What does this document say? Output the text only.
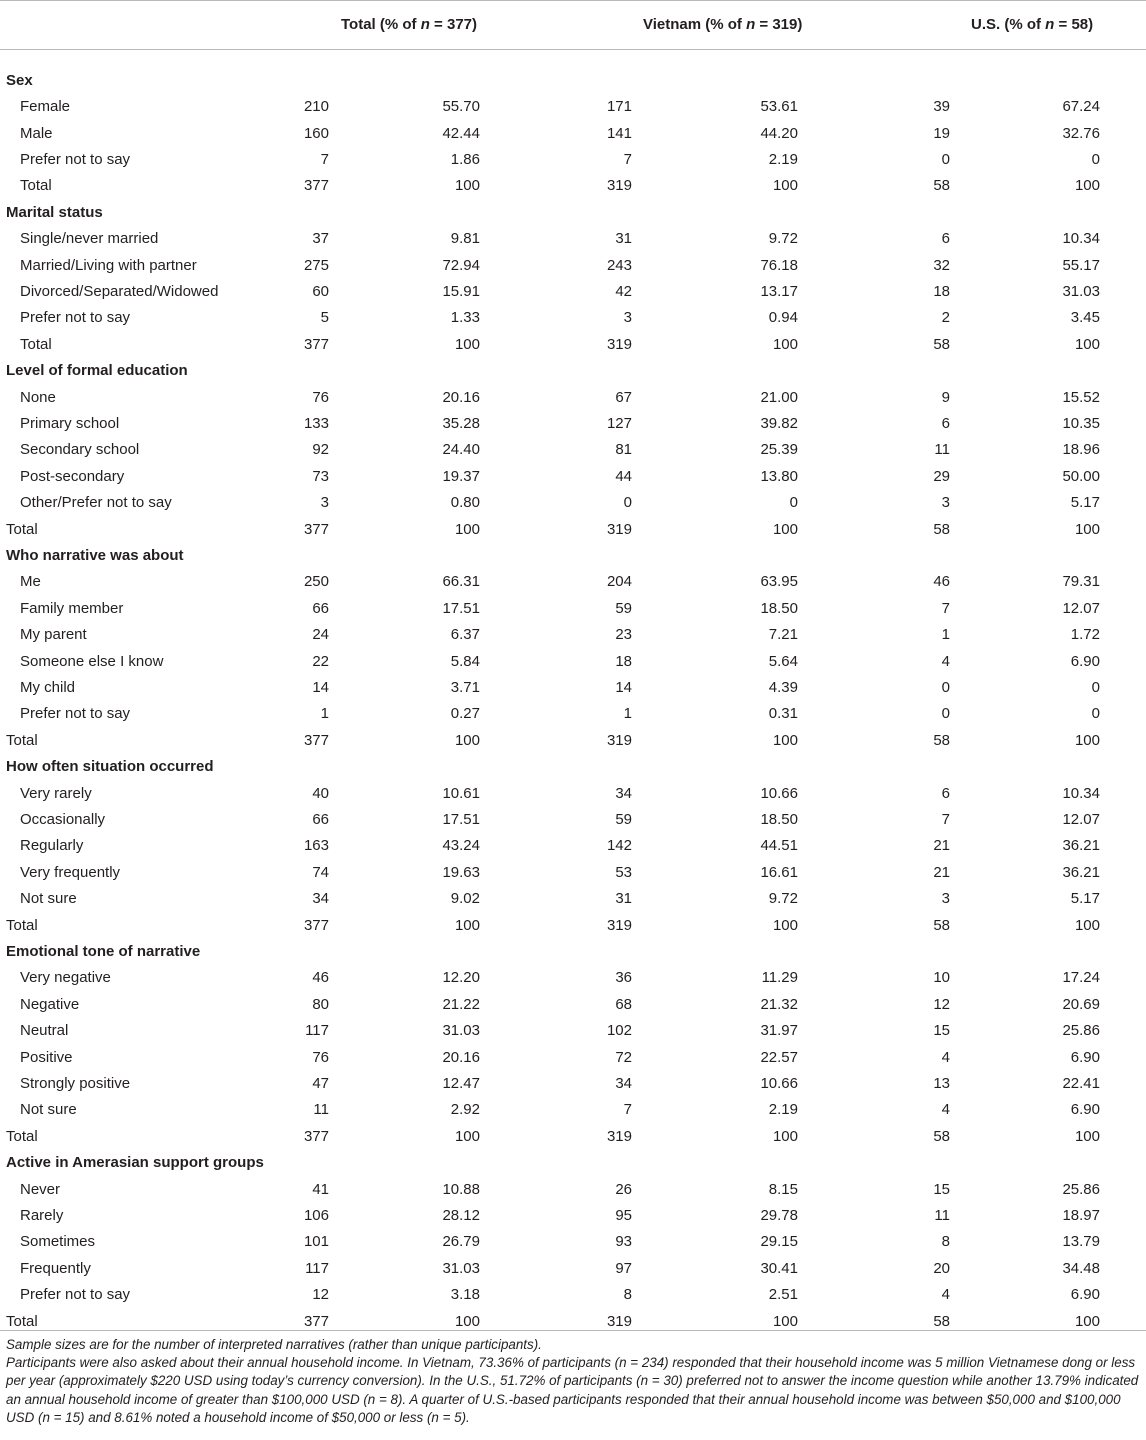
Total (% of n = 377)	Vietnam (% of n = 319)	U.S. (% of n = 58)
Sex
Female	210	55.70	171	53.61	39	67.24
Male	160	42.44	141	44.20	19	32.76
Prefer not to say	7	1.86	7	2.19	0	0
Total	377	100	319	100	58	100
Marital status
Single/never married	37	9.81	31	9.72	6	10.34
Married/Living with partner	275	72.94	243	76.18	32	55.17
Divorced/Separated/Widowed	60	15.91	42	13.17	18	31.03
Prefer not to say	5	1.33	3	0.94	2	3.45
Total	377	100	319	100	58	100
Level of formal education
None	76	20.16	67	21.00	9	15.52
Primary school	133	35.28	127	39.82	6	10.35
Secondary school	92	24.40	81	25.39	11	18.96
Post-secondary	73	19.37	44	13.80	29	50.00
Other/Prefer not to say	3	0.80	0	0	3	5.17
Total	377	100	319	100	58	100
Who narrative was about
Me	250	66.31	204	63.95	46	79.31
Family member	66	17.51	59	18.50	7	12.07
My parent	24	6.37	23	7.21	1	1.72
Someone else I know	22	5.84	18	5.64	4	6.90
My child	14	3.71	14	4.39	0	0
Prefer not to say	1	0.27	1	0.31	0	0
Total	377	100	319	100	58	100
How often situation occurred
Very rarely	40	10.61	34	10.66	6	10.34
Occasionally	66	17.51	59	18.50	7	12.07
Regularly	163	43.24	142	44.51	21	36.21
Very frequently	74	19.63	53	16.61	21	36.21
Not sure	34	9.02	31	9.72	3	5.17
Total	377	100	319	100	58	100
Emotional tone of narrative
Very negative	46	12.20	36	11.29	10	17.24
Negative	80	21.22	68	21.32	12	20.69
Neutral	117	31.03	102	31.97	15	25.86
Positive	76	20.16	72	22.57	4	6.90
Strongly positive	47	12.47	34	10.66	13	22.41
Not sure	11	2.92	7	2.19	4	6.90
Total	377	100	319	100	58	100
Active in Amerasian support groups
Never	41	10.88	26	8.15	15	25.86
Rarely	106	28.12	95	29.78	11	18.97
Sometimes	101	26.79	93	29.15	8	13.79
Frequently	117	31.03	97	30.41	20	34.48
Prefer not to say	12	3.18	8	2.51	4	6.90
Total	377	100	319	100	58	100

Sample sizes are for the number of interpreted narratives (rather than unique participants).

Participants were also asked about their annual household income. In Vietnam, 73.36% of participants (n = 234) responded that their household income was 5 million Vietnamese dong or less per year (approximately $220 USD using today’s currency conversion). In the U.S., 51.72% of participants (n = 30) preferred not to answer the income question while another 13.79% indicated an annual household income of greater than $100,000 USD (n = 8). A quarter of U.S.-based participants responded that their annual household income was between $50,000 and $100,000 USD (n = 15) and 8.61% noted a household income of $50,000 or less (n = 5).
